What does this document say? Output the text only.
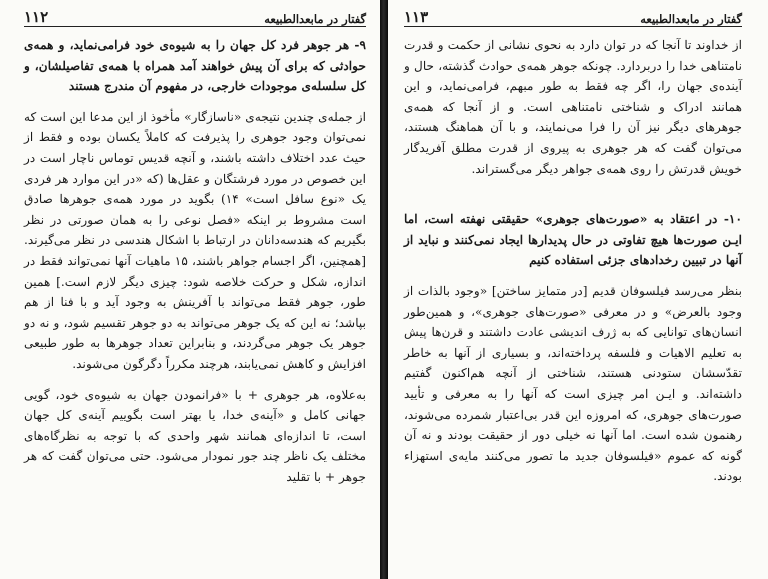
۱۱۲	گفتار در مابعدالطبیعه

۹- هر جوهر فرد کل جهان را به شیوه‌ی خود فرا‌می‌نماید، و همه‌ی حوادثی که برای آن پیش خواهند آمد همراه با همه‌ی تفاصیلشان، و کل سلسله‌ی موجودات خارجی، در مفهوم آن مندرج هستند

از جمله‌ی چندین نتیجه‌ی «ناسازگار» مأخوذ از این مدعا این است که نمی‌توان وجود جوهری را پذیرفت که کاملاً یکسان بوده و فقط از حیث عدد اختلاف داشته باشند، و آنچه قدیس توماس ناچار است در این خصوص در مورد فرشتگان و عقل‌ها (که «در این موارد هر فردی یک «نوع سافل است» ۱۴) بگوید در مورد همه‌ی جوهرها صادق است مشروط بر اینکه «فصل نوعی را به همان صورتی در نظر بگیریم که هندسه‌دانان در ارتباط با اشکال هندسی در نظر می‌گیرند. [همچنین، اگر اجسام جواهر باشند، ۱۵ ماهیات آنها نمی‌تواند فقط در اندازه، شکل و حرکت خلاصه شود: چیزی دیگر لازم است.] همین طور، جوهر فقط می‌تواند با آفرینش به وجود آید و با فنا از هم بپاشد؛ نه این که یک جوهر می‌تواند به دو جوهر تقسیم شود، و نه دو جوهر یک جوهر می‌گردند، و بنابراین تعداد جوهرها به طور طبیعی افزایش و کاهش نمی‌یابند، هرچند مکرراً دگرگون می‌شوند.

به‌علاوه، هر جوهری + با «فرانمودن جهان به شیوه‌ی خود، گویی جهانی کامل و «آینه‌ی خدا، یا بهتر است بگوییم آینه‌ی کل جهان است، تا اندازه‌ای همانند شهر واحدی که با توجه به نظرگاه‌های مختلف یک ناظر چند جور نمودار می‌شود. حتی می‌توان گفت که هر جوهر + با تقلید

۱۱۳	گفتار در مابعدالطبیعه

از خداوند تا آنجا که در توان دارد به نحوی نشانی از حکمت و قدرت نامتناهی خدا را دربردارد. چونکه جوهر همه‌ی حوادث گذشته، حال و آینده‌ی جهان را، اگر چه فقط به طور مبهم، فرامی‌نماید، و این همانند ادراک و شناختی نامتناهی است. و از آنجا که همه‌ی جوهرهای دیگر نیز آن را فرا می‌نمایند، و با آن هماهنگ هستند، می‌توان گفت که هر جوهری به پیروی از قدرت مطلق آفریدگار خویش قدرتش را روی همه‌ی جواهر دیگر می‌گستراند.

۱۰- در اعتقاد به «صورت‌های جوهری» حقیقتی نهفته است، اما ایـن صورت‌ها هیچ تفاوتی در حال پدیدارها ایجاد نمی‌کنند و نباید از آنها در تبیین رخدادهای جزئی استفاده کنیم

بنظر می‌رسد فیلسوفان قدیم [در متمایز ساختن] «وجود بالذات از وجود بالعرض» و در معرفی «صورت‌های جوهری»، و همین‌طور انسان‌های توانایی که به ژرف اندیشی عادت داشتند و قرن‌ها پیش به تعلیم الاهیات و فلسفه پرداخته‌اند، و بسیاری از آنها به خاطر تقدّسشان ستودنی هستند، شناختی از آنچه هم‌اکنون گفتیم داشته‌اند. و ایـن امر چیزی است که آنها را به معرفی و تأیید صورت‌های جوهری، که امروزه این قدر بی‌اعتبار شمرده می‌شوند، رهنمون شده است. اما آنها نه خیلی دور از حقیقت بودند و نه آن گونه که عموم «فیلسوفان جدید ما تصور می‌کنند مایه‌ی استهزاء بودند.
